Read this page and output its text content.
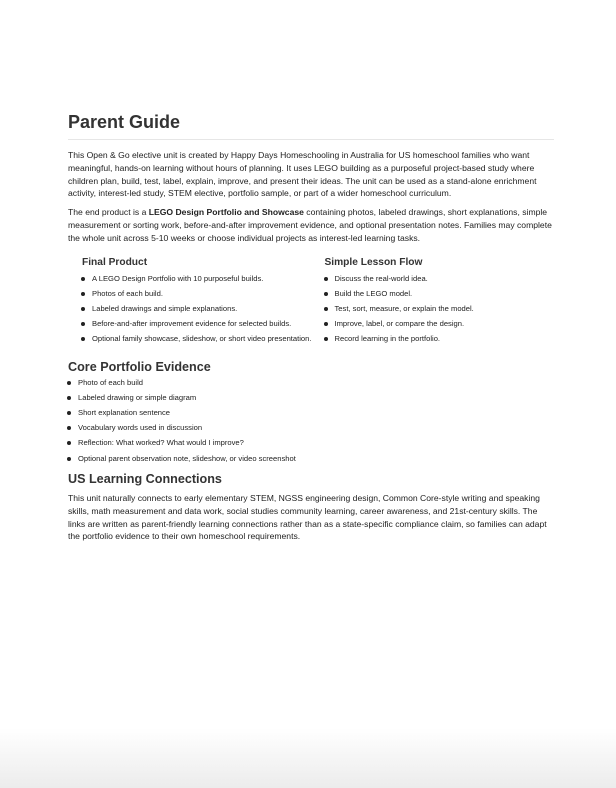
Parent Guide

This Open & Go elective unit is created by Happy Days Homeschooling in Australia for US homeschool families who want meaningful, hands-on learning without hours of planning. It uses LEGO building as a purposeful project-based study where children plan, build, test, label, explain, improve, and present their ideas. The unit can be used as a stand-alone enrichment activity, interest-led study, STEM elective, portfolio sample, or part of a wider homeschool curriculum.

The end product is a LEGO Design Portfolio and Showcase containing photos, labeled drawings, short explanations, simple measurement or sorting work, before-and-after improvement evidence, and optional presentation notes. Families may complete the whole unit across 5-10 weeks or choose individual projects as interest-led learning tasks.

Final Product
A LEGO Design Portfolio with 10 purposeful builds.
Photos of each build.
Labeled drawings and simple explanations.
Before-and-after improvement evidence for selected builds.
Optional family showcase, slideshow, or short video presentation.
Simple Lesson Flow
Discuss the real-world idea.
Build the LEGO model.
Test, sort, measure, or explain the model.
Improve, label, or compare the design.
Record learning in the portfolio.
Core Portfolio Evidence
Photo of each build
Labeled drawing or simple diagram
Short explanation sentence
Vocabulary words used in discussion
Reflection: What worked? What would I improve?
Optional parent observation note, slideshow, or video screenshot
US Learning Connections

This unit naturally connects to early elementary STEM, NGSS engineering design, Common Core-style writing and speaking skills, math measurement and data work, social studies community learning, career awareness, and 21st-century skills. The links are written as parent-friendly learning connections rather than as a state-specific compliance claim, so families can adapt the portfolio evidence to their own homeschool requirements.
